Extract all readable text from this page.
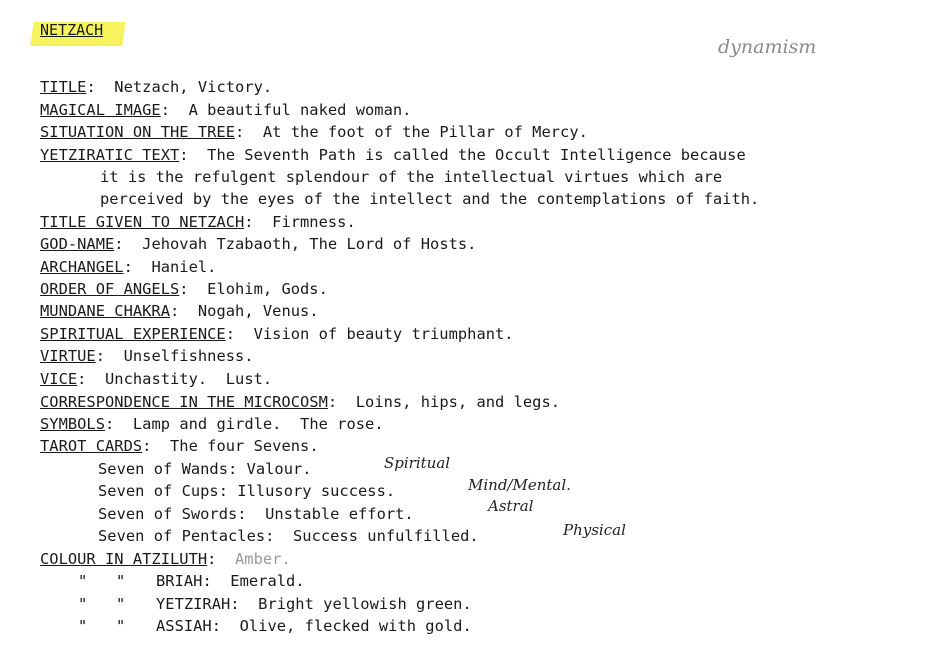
NETZACH
dynamism
TITLE:  Netzach, Victory.
MAGICAL IMAGE:  A beautiful naked woman.
SITUATION ON THE TREE:  At the foot of the Pillar of Mercy.
YETZIRATIC TEXT:  The Seventh Path is called the Occult Intelligence because
it is the refulgent splendour of the intellectual virtues which are
perceived by the eyes of the intellect and the contemplations of faith.
TITLE GIVEN TO NETZACH:  Firmness.
GOD-NAME:  Jehovah Tzabaoth, The Lord of Hosts.
ARCHANGEL:  Haniel.
ORDER OF ANGELS:  Elohim, Gods.
MUNDANE CHAKRA:  Nogah, Venus.
SPIRITUAL EXPERIENCE:  Vision of beauty triumphant.
VIRTUE:  Unselfishness.
VICE:  Unchastity.  Lust.
CORRESPONDENCE IN THE MICROCOSM:  Loins, hips, and legs.
SYMBOLS:  Lamp and girdle.  The rose.
TAROT CARDS:  The four Sevens.
Seven of Wands: Valour.
Seven of Cups: Illusory success.
Seven of Swords:  Unstable effort.
Seven of Pentacles:  Success unfulfilled.
Spiritual
Mind/Mental.
Astral
Physical
COLOUR IN ATZILUTH:  Amber.
" " BRIAH:  Emerald.
" " YETZIRAH:  Bright yellowish green.
" " ASSIAH:  Olive, flecked with gold.
